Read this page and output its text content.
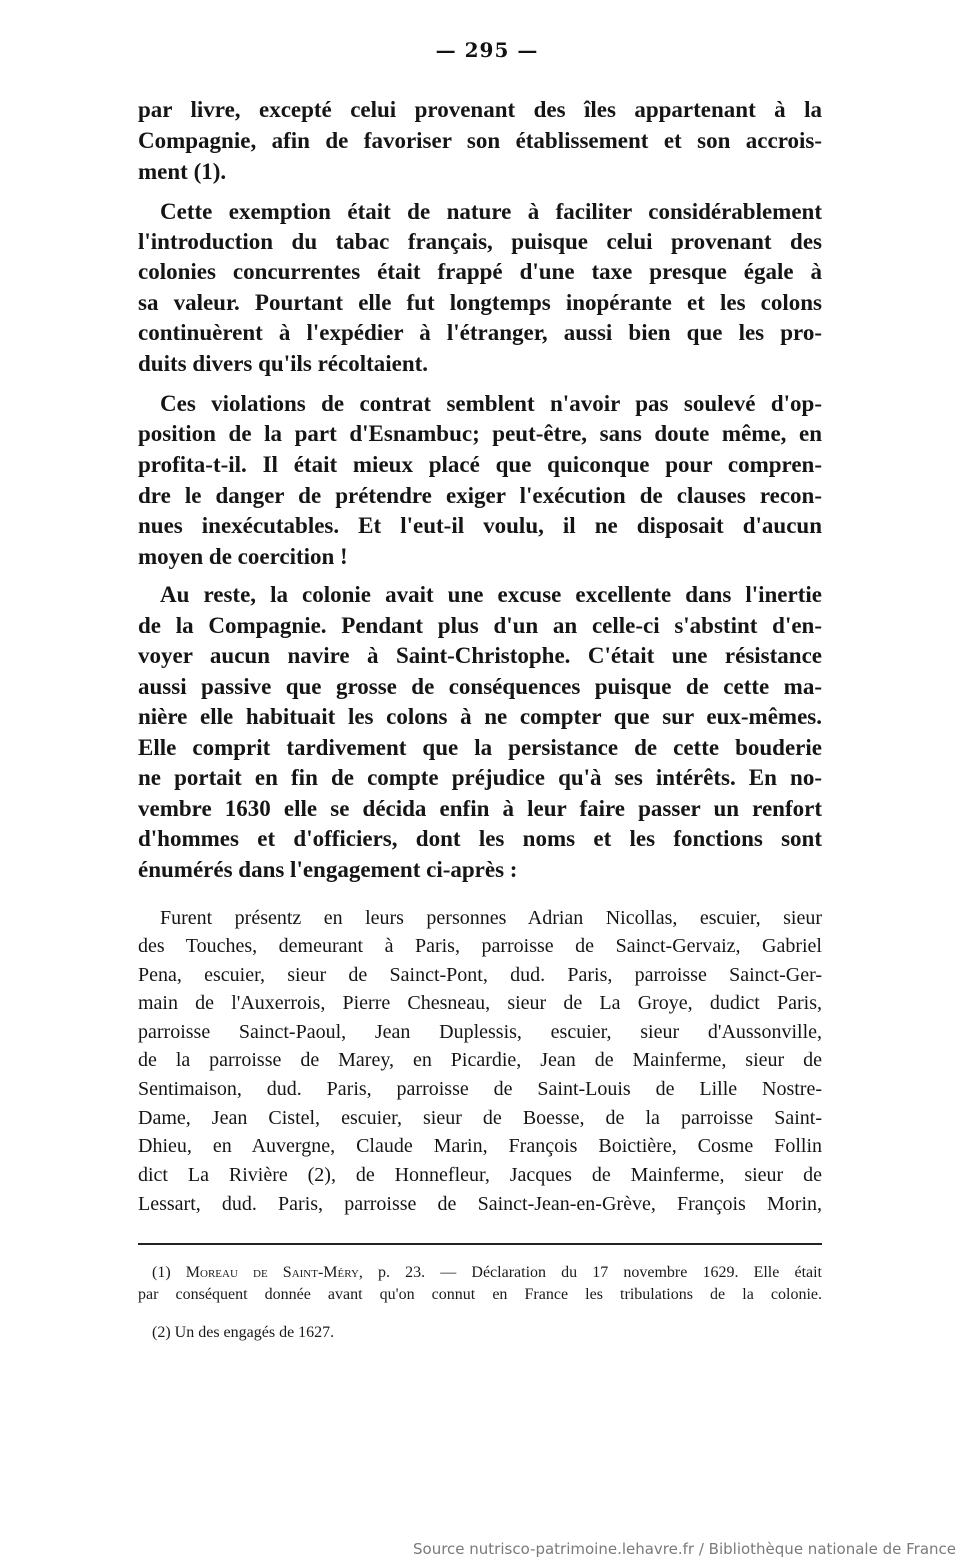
— 295 —
par livre, excepté celui provenant des îles appartenant à la
Compagnie, afin de favoriser son établissement et son accrois-
ment (1).
Cette exemption était de nature à faciliter considérablement
l'introduction du tabac français, puisque celui provenant des
colonies concurrentes était frappé d'une taxe presque égale à
sa valeur. Pourtant elle fut longtemps inopérante et les colons
continuèrent à l'expédier à l'étranger, aussi bien que les pro-
duits divers qu'ils récoltaient.
Ces violations de contrat semblent n'avoir pas soulevé d'op-
position de la part d'Esnambuc; peut-être, sans doute même, en
profita-t-il. Il était mieux placé que quiconque pour compren-
dre le danger de prétendre exiger l'exécution de clauses recon-
nues inexécutables. Et l'eut-il voulu, il ne disposait d'aucun
moyen de coercition !
Au reste, la colonie avait une excuse excellente dans l'inertie
de la Compagnie. Pendant plus d'un an celle-ci s'abstint d'en-
voyer aucun navire à Saint-Christophe. C'était une résistance
aussi passive que grosse de conséquences puisque de cette ma-
nière elle habituait les colons à ne compter que sur eux-mêmes.
Elle comprit tardivement que la persistance de cette bouderie
ne portait en fin de compte préjudice qu'à ses intérêts. En no-
vembre 1630 elle se décida enfin à leur faire passer un renfort
d'hommes et d'officiers, dont les noms et les fonctions sont
énumérés dans l'engagement ci-après :
Furent présentz en leurs personnes Adrian Nicollas, escuier, sieur
des Touches, demeurant à Paris, parroisse de Sainct-Gervaiz, Gabriel
Pena, escuier, sieur de Sainct-Pont, dud. Paris, parroisse Sainct-Ger-
main de l'Auxerrois, Pierre Chesneau, sieur de La Groye, dudict Paris,
parroisse Sainct-Paoul, Jean Duplessis, escuier, sieur d'Aussonville,
de la parroisse de Marey, en Picardie, Jean de Mainferme, sieur de
Sentimaison, dud. Paris, parroisse de Saint-Louis de Lille Nostre-
Dame, Jean Cistel, escuier, sieur de Boesse, de la parroisse Saint-
Dhieu, en Auvergne, Claude Marin, François Boictière, Cosme Follin
dict La Rivière (2), de Honnefleur, Jacques de Mainferme, sieur de
Lessart, dud. Paris, parroisse de Sainct-Jean-en-Grève, François Morin,
(1) Moreau de Saint-Méry, p. 23. — Déclaration du 17 novembre 1629. Elle était
par conséquent donnée avant qu'on connut en France les tribulations de la colonie.
(2) Un des engagés de 1627.
Source nutrisco-patrimoine.lehavre.fr / Bibliothèque nationale de France
